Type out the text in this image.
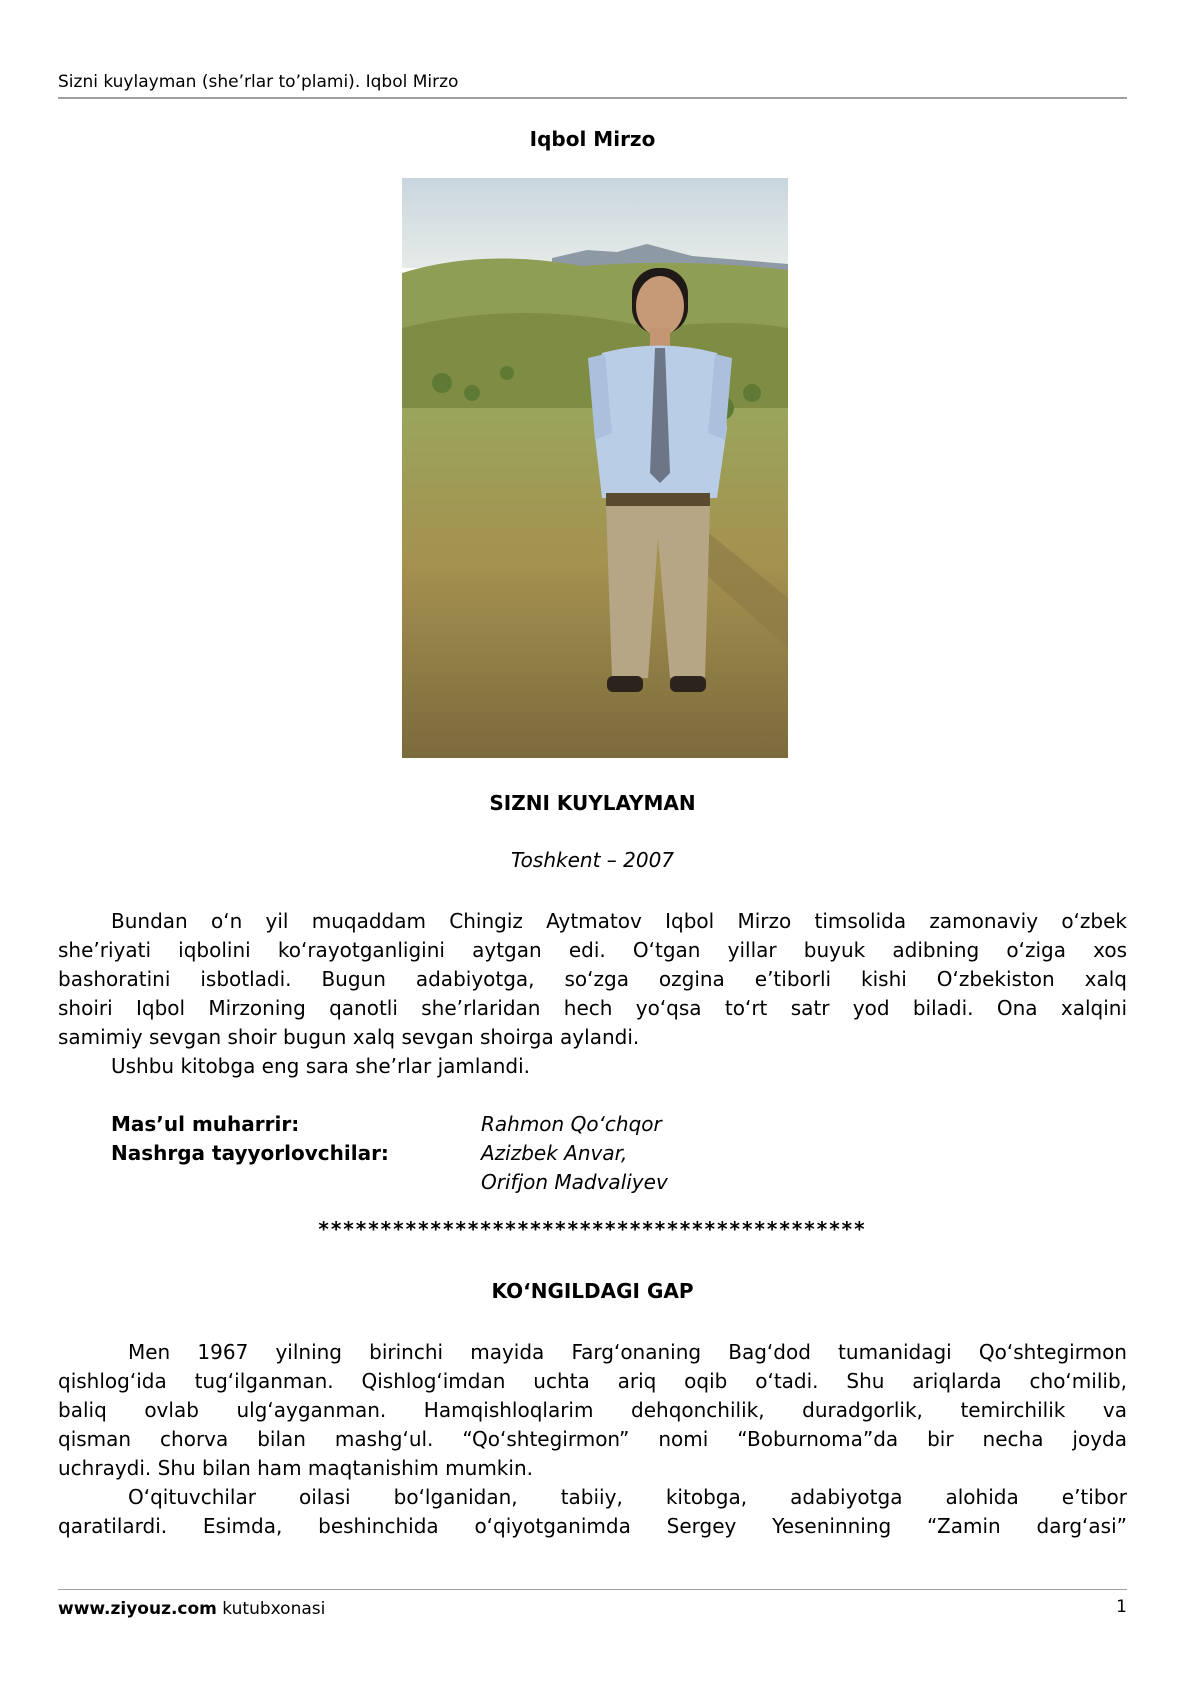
Sizni kuylayman (she’rlar to’plami). Iqbol Mirzo
Iqbol Mirzo
SIZNI KUYLAYMAN
Toshkent – 2007
Bundan o‘n yil muqaddam Chingiz Aytmatov Iqbol Mirzo timsolida zamonaviy o‘zbek
she’riyati iqbolini ko‘rayotganligini aytgan edi. O‘tgan yillar buyuk adibning o‘ziga xos
bashoratini isbotladi. Bugun adabiyotga, so‘zga ozgina e’tiborli kishi O‘zbekiston xalq
shoiri Iqbol Mirzoning qanotli she’rlaridan hech yo‘qsa to‘rt satr yod biladi. Ona xalqini
samimiy sevgan shoir bugun xalq sevgan shoirga aylandi.
Ushbu kitobga eng sara she’rlar jamlandi.
Mas’ul muharrir:	Rahmon Qo‘chqor
Nashrga tayyorlovchilar:	Azizbek Anvar,
Orifjon Madvaliyev
********************************************
KO‘NGILDAGI GAP
Men 1967 yilning birinchi mayida Farg‘onaning Bag‘dod tumanidagi Qo‘shtegirmon
qishlog‘ida tug‘ilganman. Qishlog‘imdan uchta ariq oqib o‘tadi. Shu ariqlarda cho‘milib,
baliq ovlab ulg‘ayganman. Hamqishloqlarim dehqonchilik, duradgorlik, temirchilik va
qisman chorva bilan mashg‘ul. “Qo‘shtegirmon” nomi “Boburnoma”da bir necha joyda
uchraydi. Shu bilan ham maqtanishim mumkin.
O‘qituvchilar oilasi bo‘lganidan, tabiiy, kitobga, adabiyotga alohida e’tibor
qaratilardi. Esimda, beshinchida o‘qiyotganimda Sergey Yeseninning “Zamin darg‘asi”
www.ziyouz.com kutubxonasi	1
